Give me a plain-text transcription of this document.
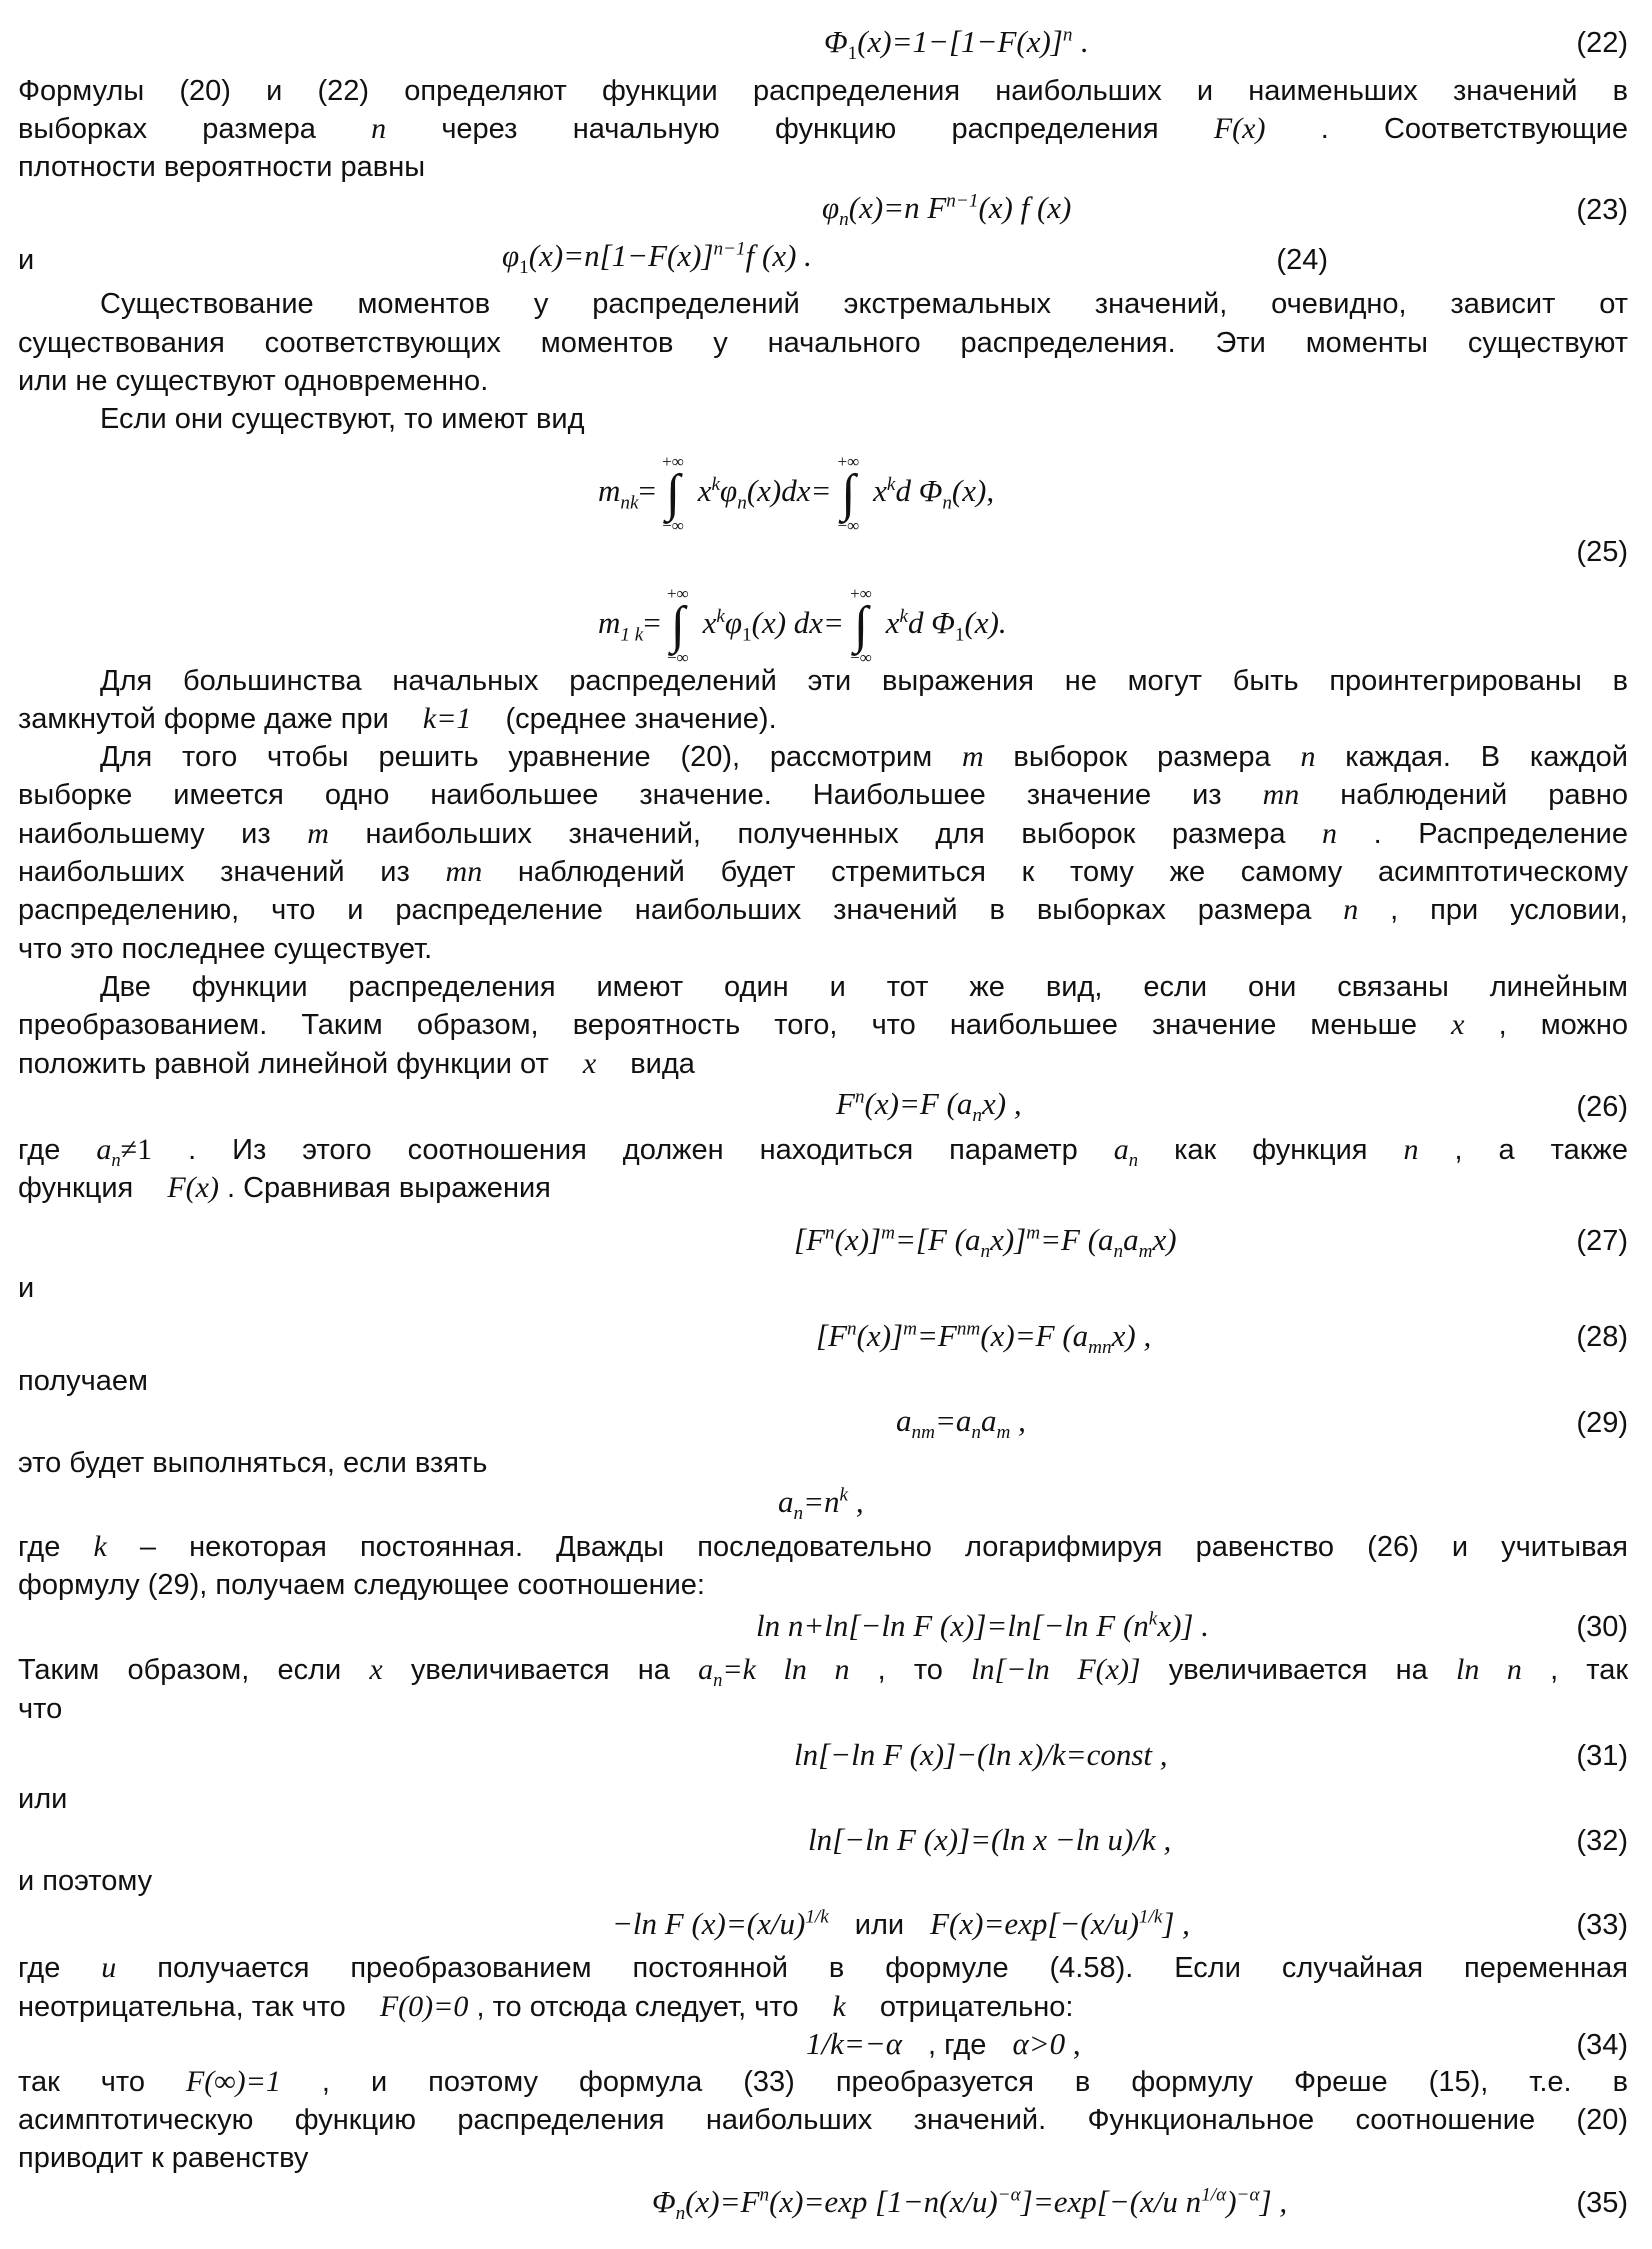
$\Phi_1(x)=1-[1-F(x)]^n$ .	(22)
Формулы (20) и (22) определяют функции распределения наибольших и наименьших значений в
выборках размера n через начальную функцию распределения F(x) . Соответствующие
плотности вероятности равны
$\varphi_n(x)=n$ $F^{n-1}(x)$ f (x)	(23)
и	$\varphi_1(x)=n[1-F(x)]^{n-1}f$ (x) .	(24)
Существование моментов у распределений экстремальных значений, очевидно, зависит от
существования соответствующих моментов у начального распределения. Эти моменты существуют
или не существуют одновременно.
Если они существуют, то имеют вид
$m_{nk}=$
+∞
∫
−∞
$x^k\varphi_n(x)dx=$
+∞
∫
−∞
$x^kd$ $\Phi_n(x)$,
(25)
$m_{1 k}=$
+∞
∫
−∞
$x^k\varphi_1(x)$ dx=
+∞
∫
−∞
$x^kd$ $\Phi_1(x)$.
Для большинства начальных распределений эти выражения не могут быть проинтегрированы в
замкнутой форме даже при k=1 (среднее значение).
Для того чтобы решить уравнение (20), рассмотрим m выборок размера n каждая. В каждой
выборке имеется одно наибольшее значение. Наибольшее значение из mn наблюдений равно
наибольшему из m наибольших значений, полученных для выборок размера n . Распределение
наибольших значений из mn наблюдений будет стремиться к тому же самому асимптотическому
распределению, что и распределение наибольших значений в выборках размера n , при условии,
что это последнее существует.
Две функции распределения имеют один и тот же вид, если они связаны линейным
преобразованием. Таким образом, вероятность того, что наибольшее значение меньше x , можно
положить равной линейной функции от x вида
$F^n(x)=F$ $(a_nx)$ ,	(26)
где $a_n\ne 1$ . Из этого соотношения должен находиться параметр $a_n$ как функция n , а также
функция F(x) . Сравнивая выражения
$[F^n(x)]^m=[F$ $(a_nx)]^m=F$ $(a_na_mx)$	(27)
и
$[F^n(x)]^m=F^{nm}(x)=F$ $(a_{mn}x)$ ,	(28)
получаем
$a_{nm}=a_na_m$ ,	(29)
это будет выполняться, если взять
$a_n=n^k$ ,
где k – некоторая постоянная. Дважды последовательно логарифмируя равенство (26) и учитывая
формулу (29), получаем следующее соотношение:
ln n+ln[−ln F (x)]=ln[−ln F $(n^kx)$] .	(30)
Таким образом, если x увеличивается на $a_n=k$ ln n , то ln[−ln F(x)] увеличивается на ln n , так
что
ln[−ln F (x)]−(ln x)/k=const ,	(31)
или
ln[−ln F (x)]=(ln x −ln u)/k ,	(32)
и поэтому
−ln F $(x)=(x/u)^{1/k}$ или $F(x)=\exp[-(x/u)^{1/k}]$ ,	(33)
где u получается преобразованием постоянной в формуле (4.58). Если случайная переменная
неотрицательна, так что F(0)=0 , то отсюда следует, что k отрицательно:
1/k=−α , где α>0 ,	(34)
так что F(∞)=1 , и поэтому формула (33) преобразуется в формулу Фреше (15), т.е. в
асимптотическую функцию распределения наибольших значений. Функциональное соотношение (20)
приводит к равенству
$\Phi_n(x)=F^n(x)=\exp$ $[1-n(x/u)^{-\alpha}]=\exp[-(x/u$ $n^{1/\alpha})^{-\alpha}$] ,	(35)
